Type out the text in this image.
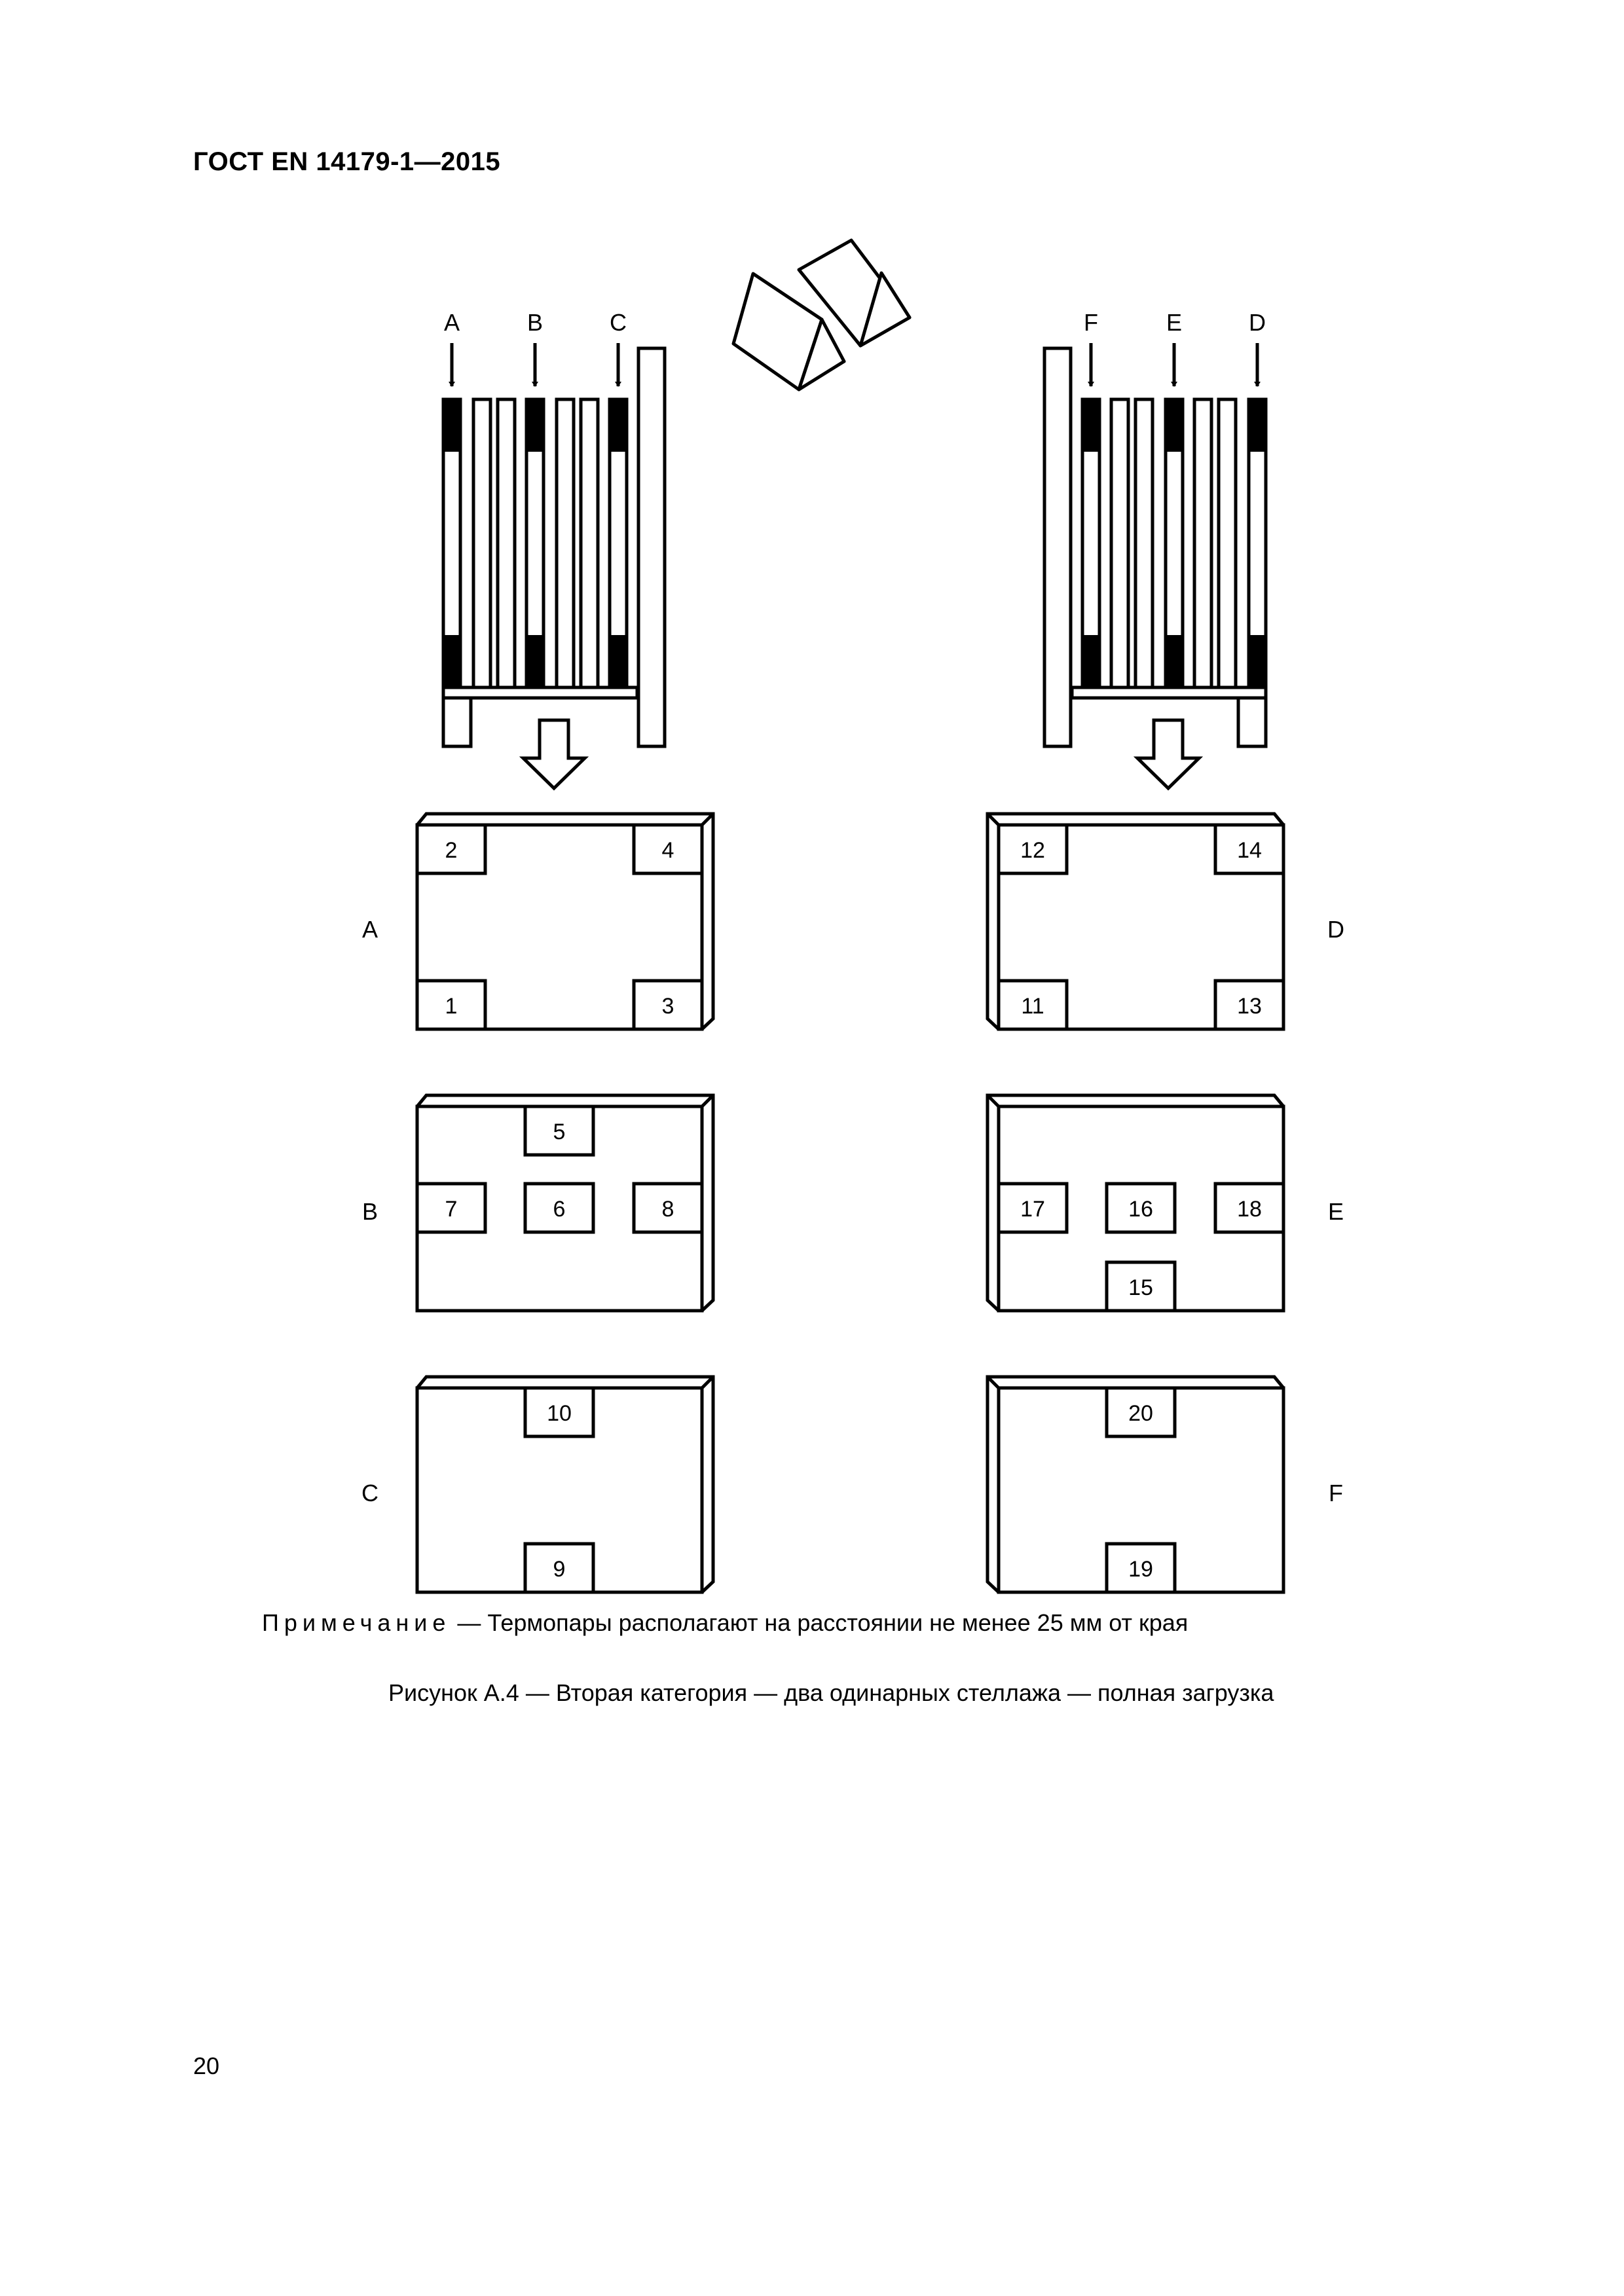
ГОСТ EN 14179-1—2015
A	B	C	F	E	D
A
B
C
D
E
F
2	4
1	3
5
7	6	8
10
9
12	14
11	13
17	16	18
15
20
19
Примечание — Термопары располагают на расстоянии не менее 25 мм от края
Рисунок А.4 — Вторая категория — два одинарных стеллажа — полная загрузка
20
